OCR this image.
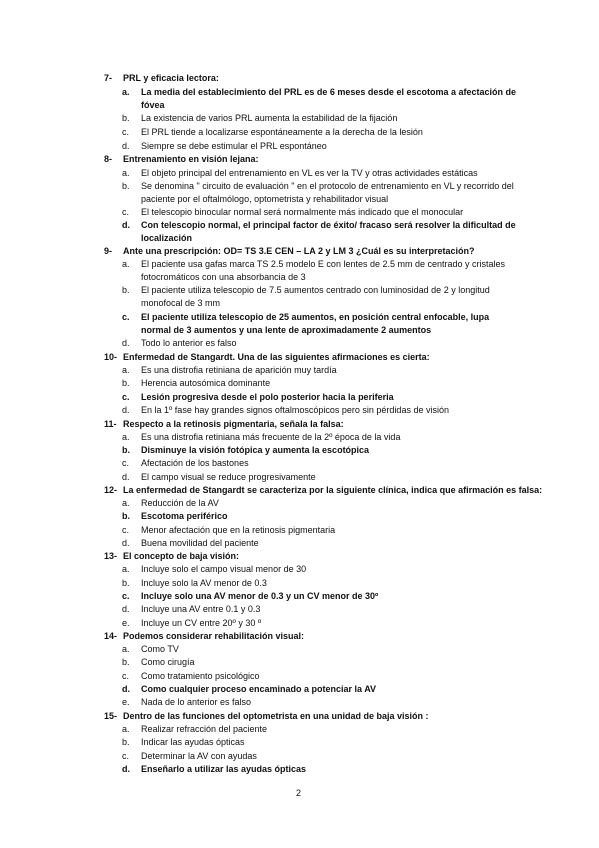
7-	PRL y eficacia lectora:
a.	La media del establecimiento del PRL es de 6 meses desde el escotoma a afectación de fóvea
b.	La existencia de varios PRL aumenta la estabilidad de la fijación
c.	El PRL tiende a localizarse espontáneamente a la derecha de la lesión
d.	Siempre se debe estimular el PRL espontáneo
8-	Entrenamiento en visión lejana:
a.	El objeto principal del entrenamiento en VL es ver la TV y otras actividades estáticas
b.	Se denomina " circuito de evaluación " en el protocolo de entrenamiento en VL y recorrido del paciente por el oftalmólogo, optometrista y rehabilitador visual
c.	El telescopio binocular normal será normalmente más indicado que el monocular
d.	Con telescopio normal, el principal factor de éxito/ fracaso será resolver la dificultad de localización
9-	Ante una prescripción: OD= TS 3.E CEN – LA 2 y LM 3 ¿Cuál es su interpretación?
a.	El paciente usa gafas marca TS 2.5 modelo E con lentes de 2.5 mm de centrado y cristales fotocromáticos con una absorbancia de 3
b.	El paciente utiliza telescopio de 7.5 aumentos centrado con luminosidad de 2 y longitud monofocal de 3 mm
c.	El paciente utiliza telescopio de 25 aumentos, en posición central enfocable, lupa normal de 3 aumentos y una lente de aproximadamente 2 aumentos
d.	Todo lo anterior es falso
10- Enfermedad de Stangardt. Una de las siguientes afirmaciones es cierta:
a.	Es una distrofia retiniana de aparición muy tardía
b.	Herencia autosómica dominante
c.	Lesión progresiva desde el polo posterior hacia la periferia
d.	En la 1º fase hay grandes signos oftalmoscópicos pero sin pérdidas de visión
11- Respecto a la retinosis pigmentaria, señala la falsa:
a.	Es una distrofia retiniana más frecuente de la 2º época de la vida
b.	Disminuye la visión fotópica y aumenta la escotópica
c.	Afectación de los bastones
d.	El campo visual se reduce progresivamente
12- La enfermedad de Stangardt se caracteriza por la siguiente clínica, indica que afirmación es falsa:
a.	Reducción de la AV
b.	Escotoma periférico
c.	Menor afectación que en la retinosis pigmentaria
d.	Buena movilidad del paciente
13- El concepto de baja visión:
a.	Incluye solo el campo visual menor de 30
b.	Incluye solo la AV menor de 0.3
c.	Incluye solo una AV menor de 0.3 y un CV menor de 30º
d.	Incluye una AV entre 0.1 y 0.3
e.	Incluye un CV entre 20º y 30 º
14- Podemos considerar rehabilitación visual:
a.	Como TV
b.	Como cirugía
c.	Como tratamiento psicológico
d.	Como cualquier proceso encaminado a potenciar la AV
e.	Nada de lo anterior es falso
15- Dentro de las funciones del optometrista en una unidad de baja visión :
a.	Realizar refracción del paciente
b.	Indicar las ayudas ópticas
c.	Determinar la AV con ayudas
d.	Enseñarlo a utilizar las ayudas ópticas
2
